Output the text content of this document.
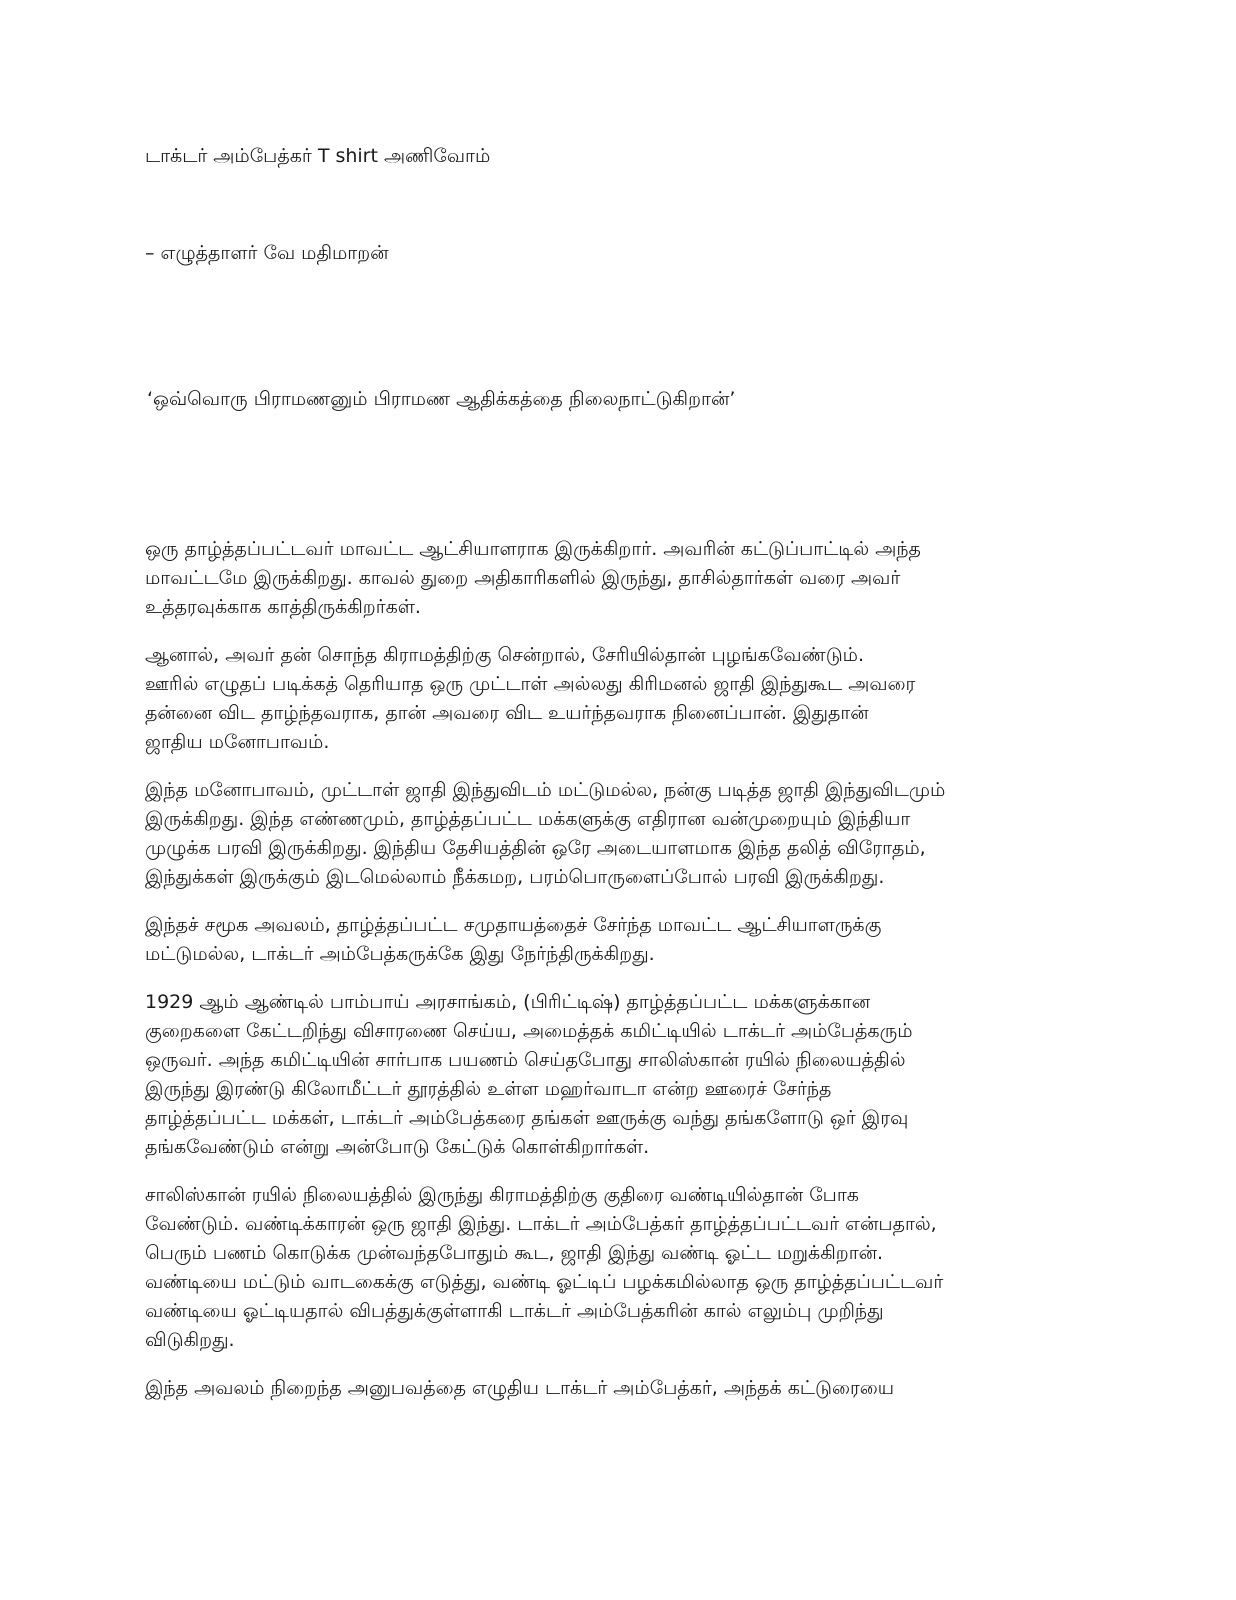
டாக்டர் அம்பேத்கர் T shirt அணிவோம்

– எழுத்தாளர் வே மதிமாறன்

‘ஒவ்வொரு பிராமணனும் பிராமண ஆதிக்கத்தை நிலைநாட்டுகிறான்’

ஒரு தாழ்த்தப்பட்டவர் மாவட்ட ஆட்சியாளராக இருக்கிறார். அவரின் கட்டுப்பாட்டில் அந்த
மாவட்டமே இருக்கிறது. காவல் துறை அதிகாரிகளில் இருந்து, தாசில்தார்கள் வரை அவர்
உத்தரவுக்காக காத்திருக்கிறர்கள்.

ஆனால், அவர் தன் சொந்த கிராமத்திற்கு சென்றால், சேரியில்தான் புழங்கவேண்டும்.
ஊரில் எழுதப் படிக்கத் தெரியாத ஒரு முட்டாள் அல்லது கிரிமனல் ஜாதி இந்துகூட அவரை
தன்னை விட தாழ்ந்தவராக, தான் அவரை விட உயர்ந்தவராக நினைப்பான். இதுதான்
ஜாதிய மனோபாவம்.

இந்த மனோபாவம், முட்டாள் ஜாதி இந்துவிடம் மட்டுமல்ல, நன்கு படித்த ஜாதி இந்துவிடமும்
இருக்கிறது. இந்த எண்ணமும், தாழ்த்தப்பட்ட மக்களுக்கு எதிரான வன்முறையும் இந்தியா
முழுக்க பரவி இருக்கிறது. இந்திய தேசியத்தின் ஒரே அடையாளமாக இந்த தலித் விரோதம்,
இந்துக்கள் இருக்கும் இடமெல்லாம் நீக்கமற, பரம்பொருளைப்போல் பரவி இருக்கிறது.

இந்தச் சமூக அவலம், தாழ்த்தப்பட்ட சமுதாயத்தைச் சேர்ந்த மாவட்ட ஆட்சியாளருக்கு
மட்டுமல்ல, டாக்டர் அம்பேத்கருக்கே இது நேர்ந்திருக்கிறது.

1929 ஆம் ஆண்டில் பாம்பாய் அரசாங்கம், (பிரிட்டிஷ்) தாழ்த்தப்பட்ட மக்களுக்கான
குறைகளை கேட்டறிந்து விசாரணை செய்ய, அமைத்தக் கமிட்டியில் டாக்டர் அம்பேத்கரும்
ஒருவர். அந்த கமிட்டியின் சார்பாக பயணம் செய்தபோது சாலிஸ்கான் ரயில் நிலையத்தில்
இருந்து இரண்டு கிலோமீட்டர் தூரத்தில் உள்ள மஹர்வாடா என்ற ஊரைச் சேர்ந்த
தாழ்த்தப்பட்ட மக்கள், டாக்டர் அம்பேத்கரை தங்கள் ஊருக்கு வந்து தங்களோடு ஒர் இரவு
தங்கவேண்டும் என்று அன்போடு கேட்டுக் கொள்கிறார்கள்.

சாலிஸ்கான் ரயில் நிலையத்தில் இருந்து கிராமத்திற்கு குதிரை வண்டியில்தான் போக
வேண்டும். வண்டிக்காரன் ஒரு ஜாதி இந்து. டாக்டர் அம்பேத்கர் தாழ்த்தப்பட்டவர் என்பதால்,
பெரும் பணம் கொடுக்க முன்வந்தபோதும் கூட, ஜாதி இந்து வண்டி ஓட்ட மறுக்கிறான்.
வண்டியை மட்டும் வாடகைக்கு எடுத்து, வண்டி ஓட்டிப் பழக்கமில்லாத ஒரு தாழ்த்தப்பட்டவர்
வண்டியை ஓட்டியதால் விபத்துக்குள்ளாகி டாக்டர் அம்பேத்கரின் கால் எலும்பு முறிந்து
விடுகிறது.

இந்த அவலம் நிறைந்த அனுபவத்தை எழுதிய டாக்டர் அம்பேத்கர், அந்தக் கட்டுரையை
